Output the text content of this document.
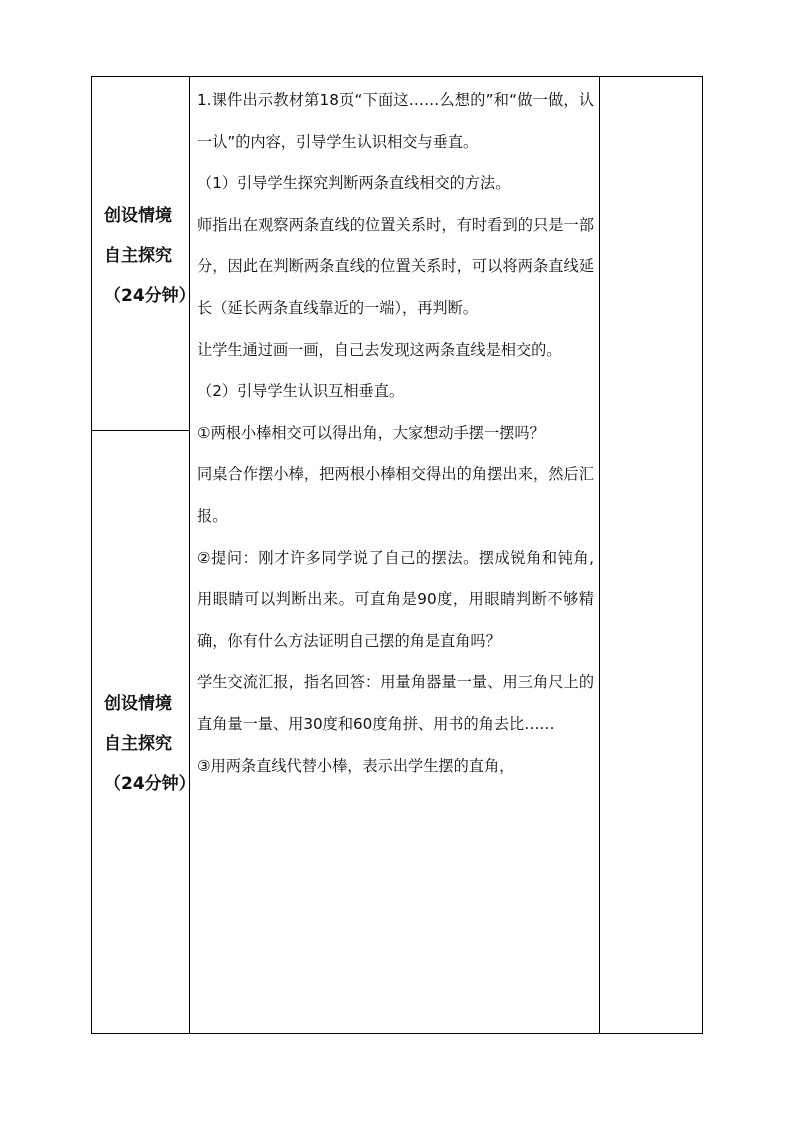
创设情境
自主探究
（24分钟）
创设情境
自主探究
（24分钟）

1.课件出示教材第18页“下面这……么想的”和“做一做，认一认”的内容，引导学生认识相交与垂直。

（1）引导学生探究判断两条直线相交的方法。

师指出在观察两条直线的位置关系时，有时看到的只是一部分，因此在判断两条直线的位置关系时，可以将两条直线延长（延长两条直线靠近的一端），再判断。

让学生通过画一画，自己去发现这两条直线是相交的。

（2）引导学生认识互相垂直。

①两根小棒相交可以得出角，大家想动手摆一摆吗？

同桌合作摆小棒，把两根小棒相交得出的角摆出来，然后汇报。

②提问：刚才许多同学说了自己的摆法。摆成锐角和钝角,用眼睛可以判断出来。可直角是90度，用眼睛判断不够精确，你有什么方法证明自己摆的角是直角吗？

学生交流汇报，指名回答：用量角器量一量、用三角尺上的直角量一量、用30度和60度角拼、用书的角去比……

③用两条直线代替小棒，表示出学生摆的直角，
